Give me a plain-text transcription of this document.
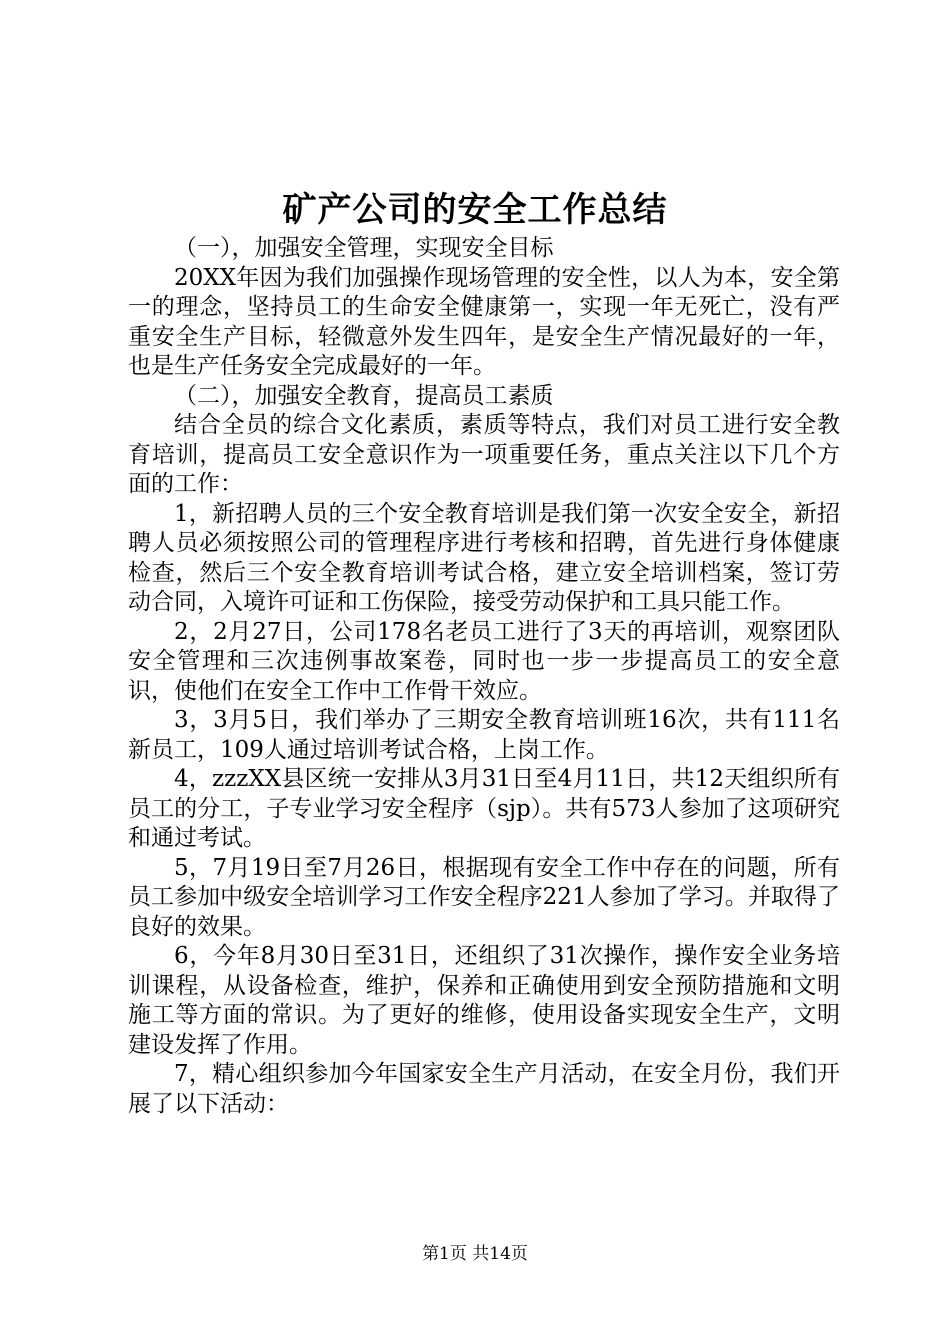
矿产公司的安全工作总结

（一），加强安全管理，实现安全目标

20XX年因为我们加强操作现场管理的安全性，以人为本，安全第一的理念，坚持员工的生命安全健康第一，实现一年无死亡，没有严重安全生产目标，轻微意外发生四年，是安全生产情况最好的一年，也是生产任务安全完成最好的一年。

（二），加强安全教育，提高员工素质

结合全员的综合文化素质，素质等特点，我们对员工进行安全教育培训，提高员工安全意识作为一项重要任务，重点关注以下几个方面的工作：

1，新招聘人员的三个安全教育培训是我们第一次安全安全，新招聘人员必须按照公司的管理程序进行考核和招聘，首先进行身体健康检查，然后三个安全教育培训考试合格，建立安全培训档案，签订劳动合同，入境许可证和工伤保险，接受劳动保护和工具只能工作。

2，2月27日，公司178名老员工进行了3天的再培训，观察团队安全管理和三次违例事故案卷，同时也一步一步提高员工的安全意识，使他们在安全工作中工作骨干效应。

3，3月5日，我们举办了三期安全教育培训班16次，共有111名新员工，109人通过培训考试合格，上岗工作。

4，zzzXX县区统一安排从3月31日至4月11日，共12天组织所有员工的分工，子专业学习安全程序（sjp）。共有573人参加了这项研究和通过考试。

5，7月19日至7月26日，根据现有安全工作中存在的问题，所有员工参加中级安全培训学习工作安全程序221人参加了学习。并取得了良好的效果。

6，今年8月30日至31日，还组织了31次操作，操作安全业务培训课程，从设备检查，维护，保养和正确使用到安全预防措施和文明施工等方面的常识。为了更好的维修，使用设备实现安全生产，文明建设发挥了作用。

7，精心组织参加今年国家安全生产月活动，在安全月份，我们开展了以下活动：

第1页 共14页
